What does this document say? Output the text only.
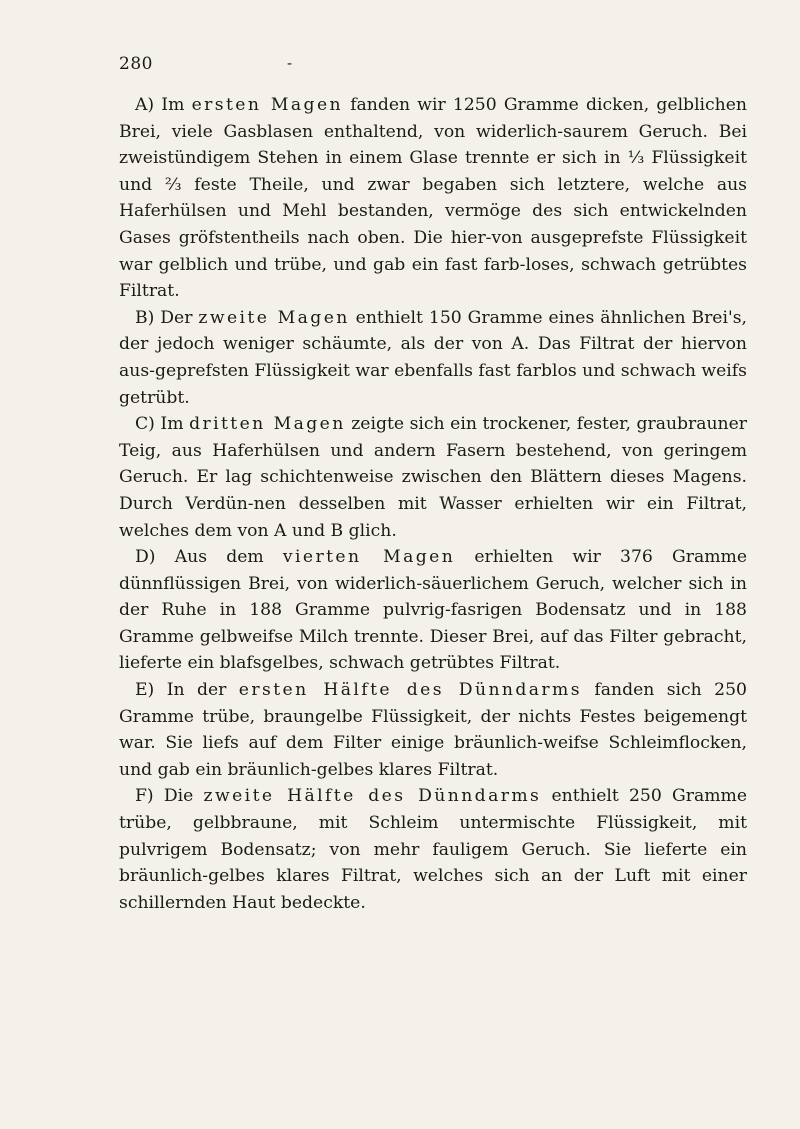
280	-

A) Im ersten Magen fanden wir 1250 Gramme dicken, gelblichen Brei, viele Gasblasen enthaltend, von widerlich-saurem Geruch. Bei zweistündigem Stehen in einem Glase trennte er sich in ⅓ Flüssigkeit und ⅔ feste Theile, und zwar begaben sich letztere, welche aus Haferhülsen und Mehl bestanden, vermöge des sich entwickelnden Gases gröfstentheils nach oben. Die hier-von ausgeprefste Flüssigkeit war gelblich und trübe, und gab ein fast farb-loses, schwach getrübtes Filtrat.

B) Der zweite Magen enthielt 150 Gramme eines ähnlichen Brei's, der jedoch weniger schäumte, als der von A. Das Filtrat der hiervon aus-geprefsten Flüssigkeit war ebenfalls fast farblos und schwach weifs getrübt.

C) Im dritten Magen zeigte sich ein trockener, fester, graubrauner Teig, aus Haferhülsen und andern Fasern bestehend, von geringem Geruch. Er lag schichtenweise zwischen den Blättern dieses Magens. Durch Verdün-nen desselben mit Wasser erhielten wir ein Filtrat, welches dem von A und B glich.

D) Aus dem vierten Magen erhielten wir 376 Gramme dünnflüssigen Brei, von widerlich-säuerlichem Geruch, welcher sich in der Ruhe in 188 Gramme pulvrig-fasrigen Bodensatz und in 188 Gramme gelbweifse Milch trennte. Dieser Brei, auf das Filter gebracht, lieferte ein blafsgelbes, schwach getrübtes Filtrat.

E) In der ersten Hälfte des Dünndarms fanden sich 250 Gramme trübe, braungelbe Flüssigkeit, der nichts Festes beigemengt war. Sie liefs auf dem Filter einige bräunlich-weifse Schleimflocken, und gab ein bräunlich-gelbes klares Filtrat.

F) Die zweite Hälfte des Dünndarms enthielt 250 Gramme trübe, gelbbraune, mit Schleim untermischte Flüssigkeit, mit pulvrigem Bodensatz; von mehr fauligem Geruch. Sie lieferte ein bräunlich-gelbes klares Filtrat, welches sich an der Luft mit einer schillernden Haut bedeckte.
